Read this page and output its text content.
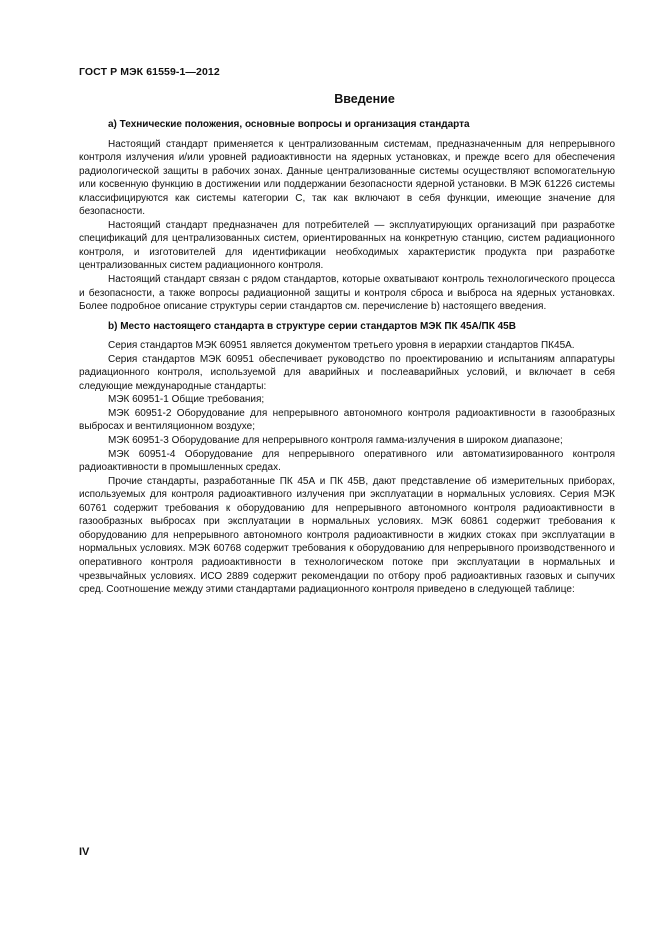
ГОСТ Р МЭК 61559-1—2012
Введение
а) Технические положения, основные вопросы и организация стандарта

Настоящий стандарт применяется к централизованным системам, предназначенным для непрерывного контроля излучения и/или уровней радиоактивности на ядерных установках, и прежде всего для обеспечения радиологической защиты в рабочих зонах. Данные централизованные системы осуществляют вспомогательную или косвенную функцию в достижении или поддержании безопасности ядерной установки. В МЭК 61226 системы классифицируются как системы категории С, так как включают в себя функции, имеющие значение для безопасности.

Настоящий стандарт предназначен для потребителей — эксплуатирующих организаций при разработке спецификаций для централизованных систем, ориентированных на конкретную станцию, систем радиационного контроля, и изготовителей для идентификации необходимых характеристик продукта при разработке централизованных систем радиационного контроля.

Настоящий стандарт связан с рядом стандартов, которые охватывают контроль технологического процесса и безопасности, а также вопросы радиационной защиты и контроля сброса и выброса на ядерных установках. Более подробное описание структуры серии стандартов см. перечисление b) настоящего введения.

b) Место настоящего стандарта в структуре серии стандартов МЭК ПК 45А/ПК 45В

Серия стандартов МЭК 60951 является документом третьего уровня в иерархии стандартов ПК45А.

Серия стандартов МЭК 60951 обеспечивает руководство по проектированию и испытаниям аппаратуры радиационного контроля, используемой для аварийных и послеаварийных условий, и включает в себя следующие международные стандарты:

МЭК 60951-1 Общие требования;

МЭК 60951-2 Оборудование для непрерывного автономного контроля радиоактивности в газообразных выбросах и вентиляционном воздухе;

МЭК 60951-3 Оборудование для непрерывного контроля гамма-излучения в широком диапазоне;

МЭК 60951-4 Оборудование для непрерывного оперативного или автоматизированного контроля радиоактивности в промышленных средах.

Прочие стандарты, разработанные ПК 45А и ПК 45В, дают представление об измерительных приборах, используемых для контроля радиоактивного излучения при эксплуатации в нормальных условиях. Серия МЭК 60761 содержит требования к оборудованию для непрерывного автономного контроля радиоактивности в газообразных выбросах при эксплуатации в нормальных условиях. МЭК 60861 содержит требования к оборудованию для непрерывного автономного контроля радиоактивности в жидких стоках при эксплуатации в нормальных условиях. МЭК 60768 содержит требования к оборудованию для непрерывного производственного и оперативного контроля радиоактивности в технологическом потоке при эксплуатации в нормальных и чрезвычайных условиях. ИСО 2889 содержит рекомендации по отбору проб радиоактивных газовых и сыпучих сред. Соотношение между этими стандартами радиационного контроля приведено в следующей таблице:

IV
